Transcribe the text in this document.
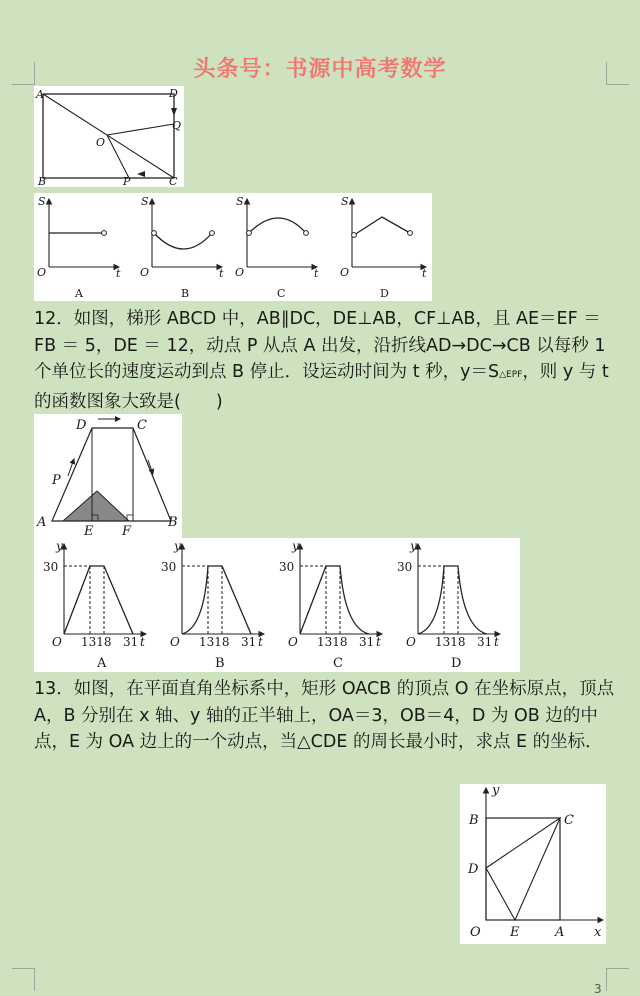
头条号：书源中高考数学
A	D
Q
O
B	P	C
S
O	t
A
S
O	t
B
S
O	t
C
S
O	t
D
12．如图，梯形 ABCD 中，AB∥DC，DE⊥AB，CF⊥AB，且 AE＝EF ＝ FB ＝ 5，DE ＝ 12，动点 P 从点 A 出发，沿折线AD→DC→CB 以每秒 1 个单位长的速度运动到点 B 停止．设运动时间为 t 秒，y＝S△EPF，则 y 与 t 的函数图象大致是(　　)
D	C
P
A
E F
B
y
30
O 1318 31 t
A
y
30
O 1318 31 t
B
y
30
O 1318 31 t
C
y
30
O 1318 31 t
D
13．如图，在平面直角坐标系中，矩形 OACB 的顶点 O 在坐标原点，顶点 A，B 分别在 x 轴、y 轴的正半轴上，OA＝3，OB＝4，D 为 OB 边的中点，E 为 OA 边上的一个动点，当△CDE 的周长最小时，求点 E 的坐标．
y
B	C
D
O E	A x
3
